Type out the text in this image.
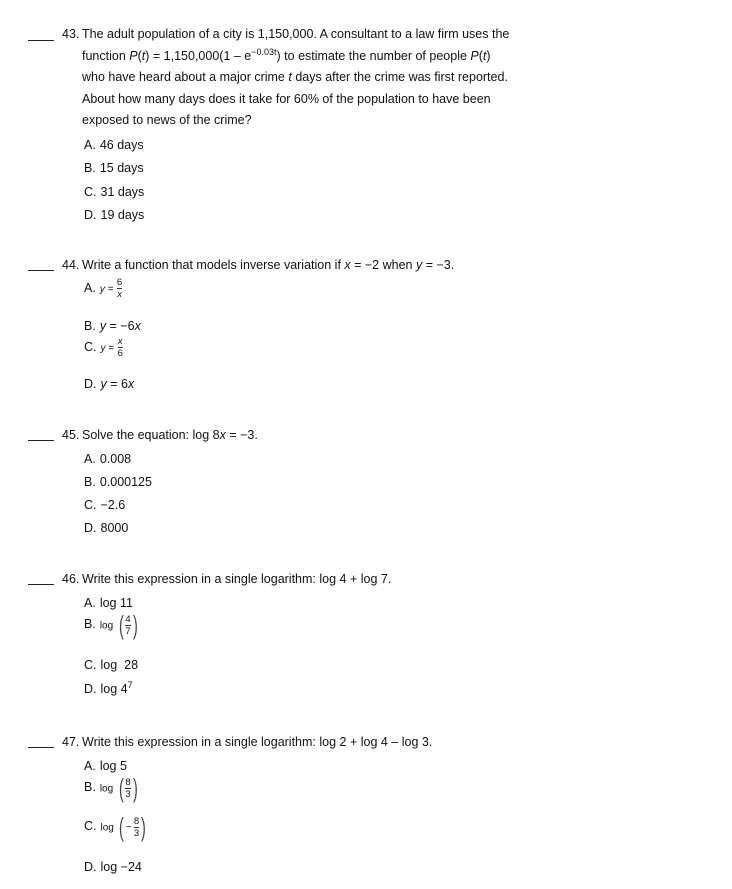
43. The adult population of a city is 1,150,000. A consultant to a law firm uses the
function $P(t) = 1,150,000(1 - e^{-0.03t})$ to estimate the number of people P(t)
who have heard about a major crime t days after the crime was first reported.
About how many days does it take for 60% of the population to have been
exposed to news of the crime?
A. 46 days
B. 15 days
C. 31 days
D. 19 days
44. Write a function that models inverse variation if x = −2 when y = −3.
A. $y = \frac{6}{x}$
B. y = −6x
C. $y = \frac{x}{6}$
D. y = 6x
45. Solve the equation: log 8x = −3.
A. 0.008
B. 0.000125
C. −2.6
D. 8000
46. Write this expression in a single logarithm: log 4 + log 7.
A. log 11
B. log ( $\frac{4}{7}$ )
C. log  28
D. $\log 4^7$
47. Write this expression in a single logarithm: log 2 + log 4 – log 3.
A. log 5
B. log ( $\frac{8}{3}$ )
C. log ( − $\frac{8}{3}$ )
D. log −24
